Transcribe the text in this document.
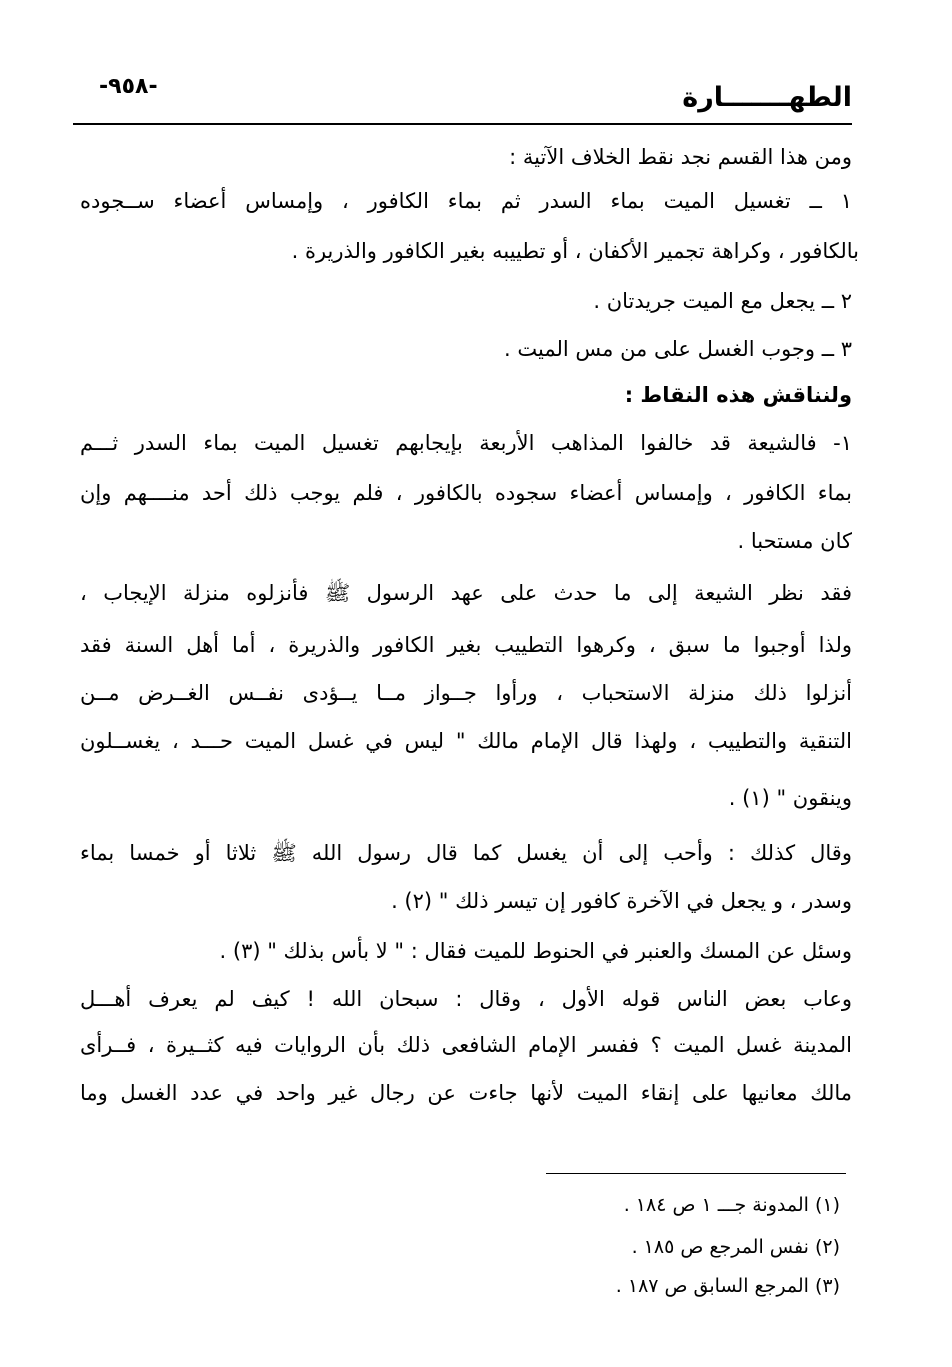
الطهـــــــارة
-٩٥٨-
ومن هذا القسم نجد نقط الخلاف الآتية :
١ ــ تغسيل الميت بماء السدر ثم بماء الكافور ، وإمساس أعضاء ســجوده
بالكافور ، وكراهة تجمير الأكفان ، أو تطييبه بغير الكافور والذريرة .
٢ ــ يجعل مع الميت جريدتان .
٣ ــ وجوب الغسل على من مس الميت .
ولنناقش هذه النقاط :
١- فالشيعة قد خالفوا المذاهب الأربعة بإيجابهم تغسيل الميت بماء السدر ثـــم
بماء الكافور ، وإمساس أعضاء سجوده بالكافور ، فلم يوجب ذلك أحد منــــهم وإن
كان مستحبا .
فقد نظر الشيعة إلى ما حدث على عهد الرسول ﷺ فأنزلوه منزلة الإيجاب ،
ولذا أوجبوا ما سبق ، وكرهوا التطييب بغير الكافور والذريرة ، أما أهل السنة فقد
أنزلوا ذلك منزلة الاستحباب ، ورأوا جــواز مــا يــؤدى نفــس الغــرض مــن
التنقية والتطييب ، ولهذا قال الإمام مالك " ليس في غسل الميت حـــد ، يغســلون
وينقون " (١) .
وقال كذلك : وأحب إلى أن يغسل كما قال رسول الله ﷺ ثلاثا أو خمسا بماء
وسدر ، و يجعل في الآخرة كافور إن تيسر ذلك " (٢) .
وسئل عن المسك والعنبر في الحنوط للميت فقال : " لا بأس بذلك " (٣) .
وعاب بعض الناس قوله الأول ، وقال : سبحان الله ! كيف لم يعرف أهـــل
المدينة غسل الميت ؟ ففسر الإمام الشافعى ذلك بأن الروايات فيه كثــيرة ، فــرأى
مالك معانيها على إنقاء الميت لأنها جاءت عن رجال غير واحد في عدد الغسل وما
(١) المدونة جـــ ١ ص ١٨٤ .
(٢) نفس المرجع ص ١٨٥ .
(٣) المرجع السابق ص ١٨٧ .
